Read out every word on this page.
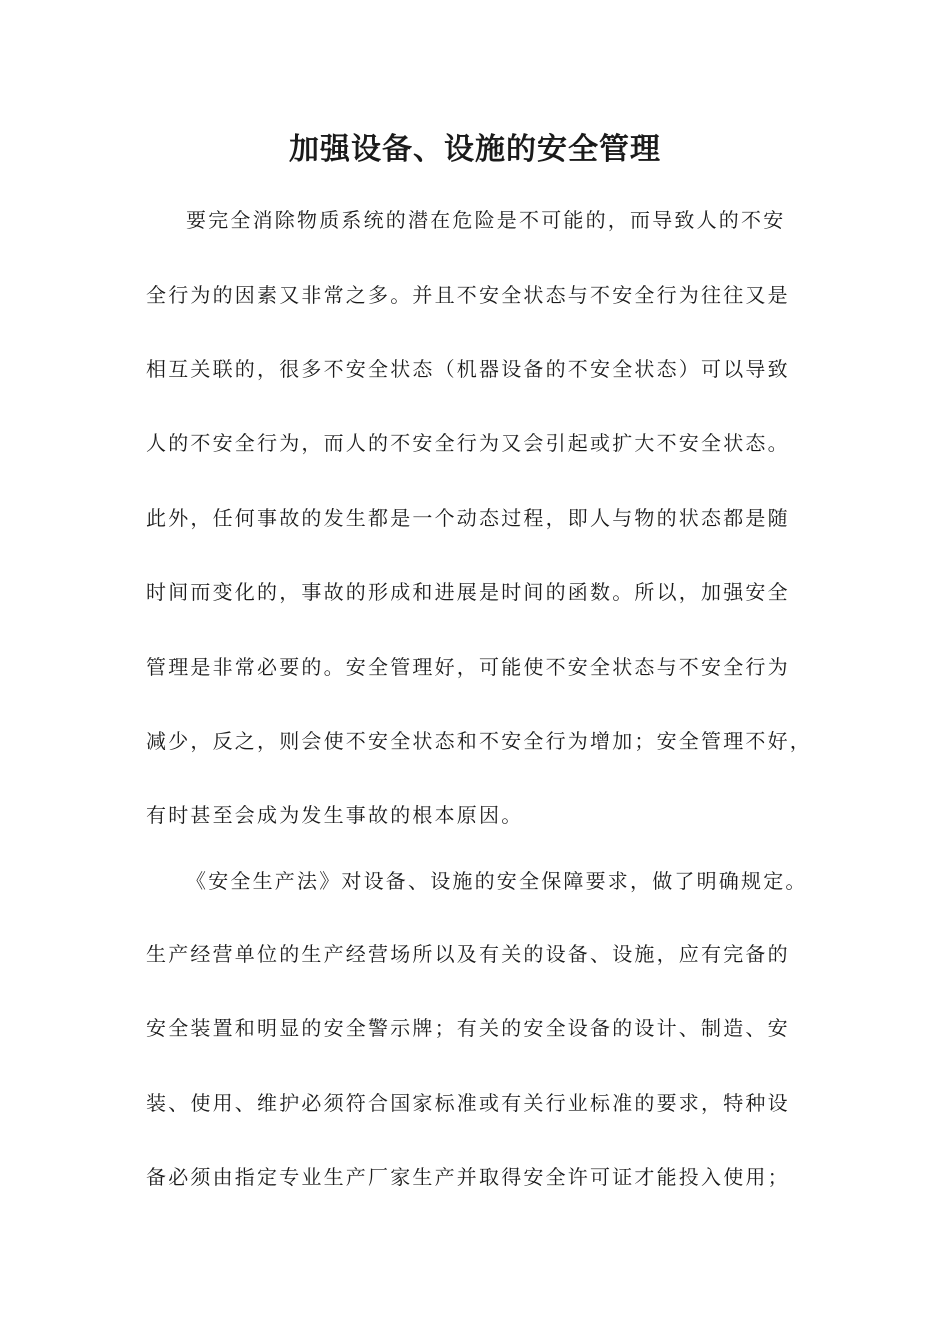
加强设备、设施的安全管理

要完全消除物质系统的潜在危险是不可能的，而导致人的不安

全行为的因素又非常之多。并且不安全状态与不安全行为往往又是

相互关联的，很多不安全状态（机器设备的不安全状态）可以导致

人的不安全行为，而人的不安全行为又会引起或扩大不安全状态。

此外，任何事故的发生都是一个动态过程，即人与物的状态都是随

时间而变化的，事故的形成和进展是时间的函数。所以，加强安全

管理是非常必要的。安全管理好，可能使不安全状态与不安全行为

减少，反之，则会使不安全状态和不安全行为增加；安全管理不好，

有时甚至会成为发生事故的根本原因。

《安全生产法》对设备、设施的安全保障要求，做了明确规定。

生产经营单位的生产经营场所以及有关的设备、设施，应有完备的

安全装置和明显的安全警示牌；有关的安全设备的设计、制造、安

装、使用、维护必须符合国家标准或有关行业标准的要求，特种设

备必须由指定专业生产厂家生产并取得安全许可证才能投入使用；
